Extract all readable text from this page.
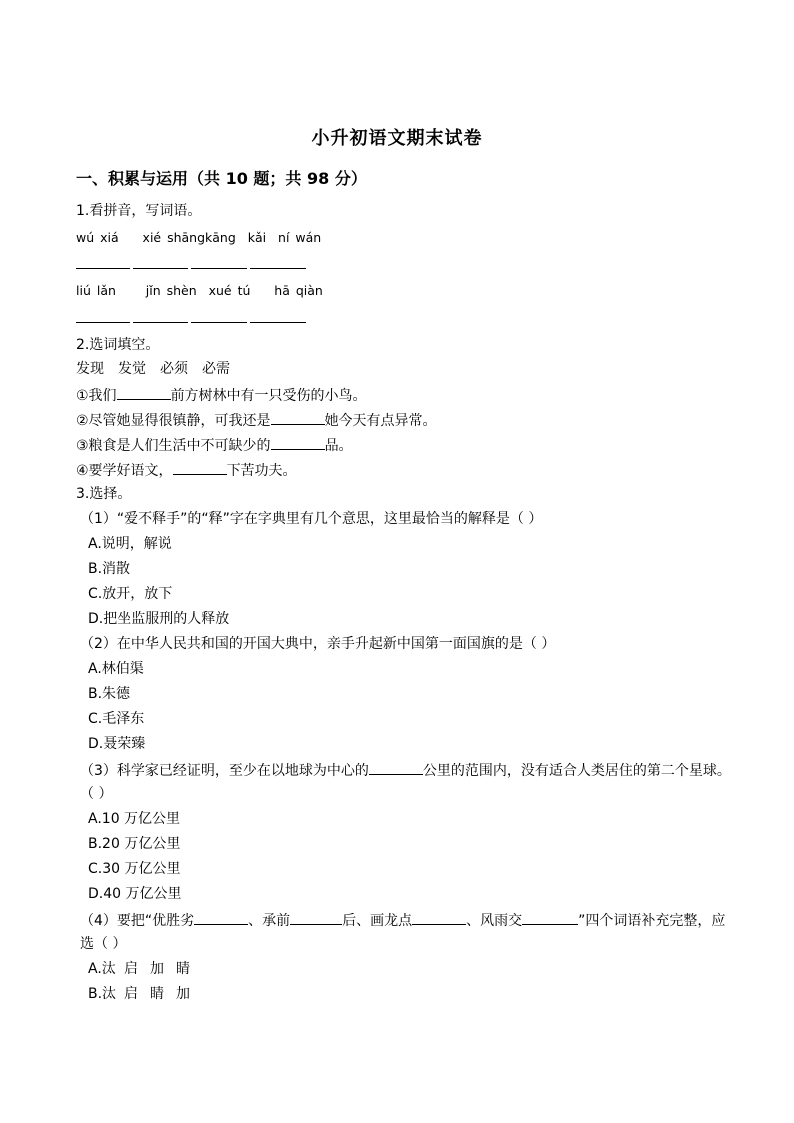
小升初语文期末试卷
一、积累与运用（共 10 题；共 98 分）
1.看拼音，写词语。
wú xiá    xié shāngkāng  kǎi  ní wán
liú lǎn     jǐn shèn  xué tú    hā qiàn
2.选词填空。
发现 发觉 必须 必需
①我们	前方树林中有一只受伤的小鸟。
②尽管她显得很镇静，可我还是	她今天有点异常。
③粮食是人们生活中不可缺少的	品。
④要学好语文，	下苦功夫。
3.选择。
（1）“爱不释手”的“释”字在字典里有几个意思，这里最恰当的解释是（ ）
A.说明，解说
B.消散
C.放开，放下
D.把坐监服刑的人释放
（2）在中华人民共和国的开国大典中，亲手升起新中国第一面国旗的是（ ）
A.林伯渠
B.朱德
C.毛泽东
D.聂荣臻
（3）科学家已经证明，至少在以地球为中心的	公里的范围内，没有适合人类居住的第二个星球。
（ ）
A.10 万亿公里
B.20 万亿公里
C.30 万亿公里
D.40 万亿公里
（4）要把“优胜劣	、承前	后、画龙点	、风雨交	”四个词语补充完整，应
选（ ）
A.汰 启 加 睛
B.汰 启 睛 加
